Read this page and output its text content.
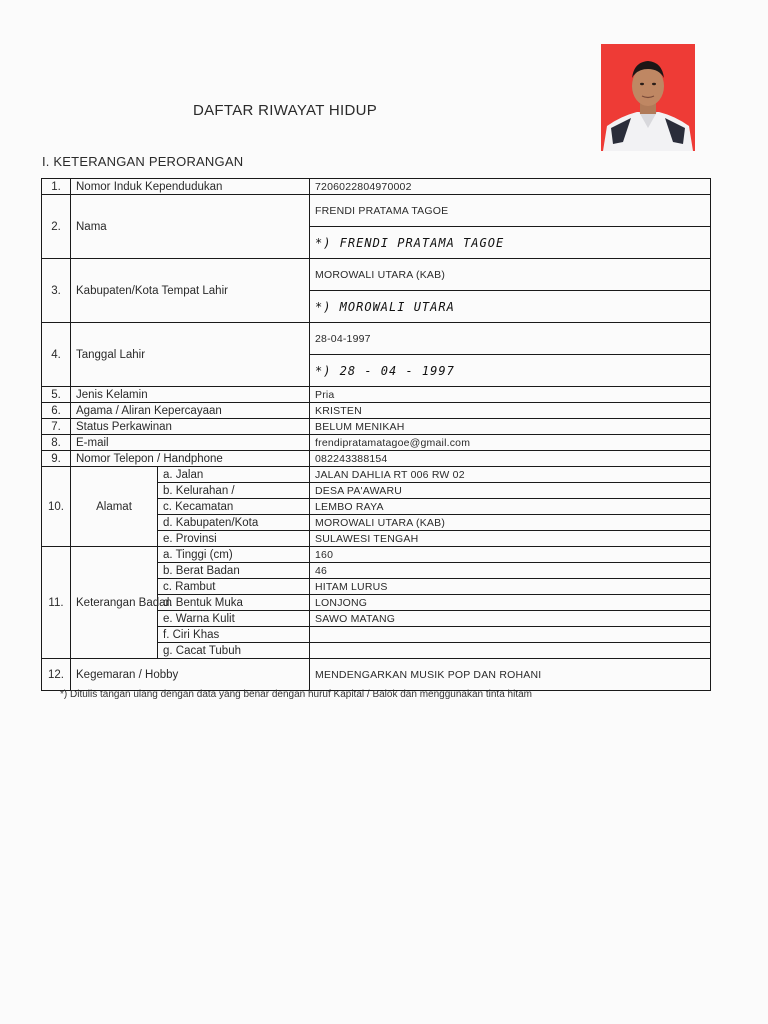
DAFTAR RIWAYAT HIDUP
I. KETERANGAN PERORANGAN
1.	Nomor Induk Kependudukan		7206022804970002
2.	Nama		FRENDI PRATAMA TAGOE
			*) FRENDI PRATAMA TAGOE
3.	Kabupaten/Kota Tempat Lahir		MOROWALI UTARA (KAB)
			*) MOROWALI UTARA
4.	Tanggal Lahir		28-04-1997
			*) 28 - 04 - 1997
5.	Jenis Kelamin		Pria
6.	Agama / Aliran Kepercayaan		KRISTEN
7.	Status Perkawinan		BELUM MENIKAH
8.	E-mail		frendipratamatagoe@gmail.com
9.	Nomor Telepon / Handphone		082243388154
10.	Alamat	a. Jalan	JALAN DAHLIA RT 006 RW 02
		b. Kelurahan /	DESA PA'AWARU
		c. Kecamatan	LEMBO RAYA
		d. Kabupaten/Kota	MOROWALI UTARA (KAB)
		e. Provinsi	SULAWESI TENGAH
11.	Keterangan Badan	a. Tinggi (cm)	160
		b. Berat Badan	46
		c. Rambut	HITAM LURUS
		d. Bentuk Muka	LONJONG
		e. Warna Kulit	SAWO MATANG
		f. Ciri Khas	
		g. Cacat Tubuh	
12.	Kegemaran / Hobby		MENDENGARKAN MUSIK POP DAN ROHANI
*) Ditulis tangan ulang dengan data yang benar dengan huruf Kapital / Balok dan menggunakan tinta hitam
